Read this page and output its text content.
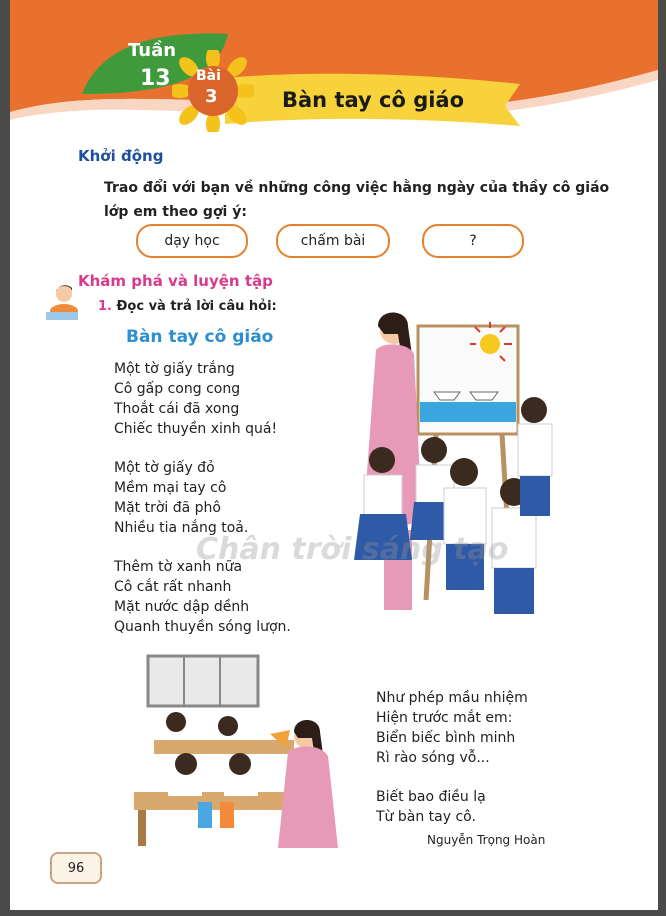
Tuần
13 Bài
3	Bàn tay cô giáo
Khởi động
Trao đổi với bạn về những công việc hằng ngày của thầy cô giáo
lớp em theo gợi ý:
dạy học	chấm bài	?
Khám phá và luyện tập
1. Đọc và trả lời câu hỏi:
Bàn tay cô giáo
Một tờ giấy trắng
Cô gấp cong cong
Thoắt cái đã xong
Chiếc thuyền xinh quá!
Một tờ giấy đỏ
Mềm mại tay cô
Mặt trời đã phô
Nhiều tia nắng toả.
Thêm tờ xanh nữa
Cô cắt rất nhanh
Mặt nước dập dềnh
Quanh thuyền sóng lượn.
Như phép mầu nhiệm
Hiện trước mắt em:
Biển biếc bình minh
Rì rào sóng vỗ...
Biết bao điều lạ
Từ bàn tay cô.
Nguyễn Trọng Hoàn
Chân trời sáng tạo
96
